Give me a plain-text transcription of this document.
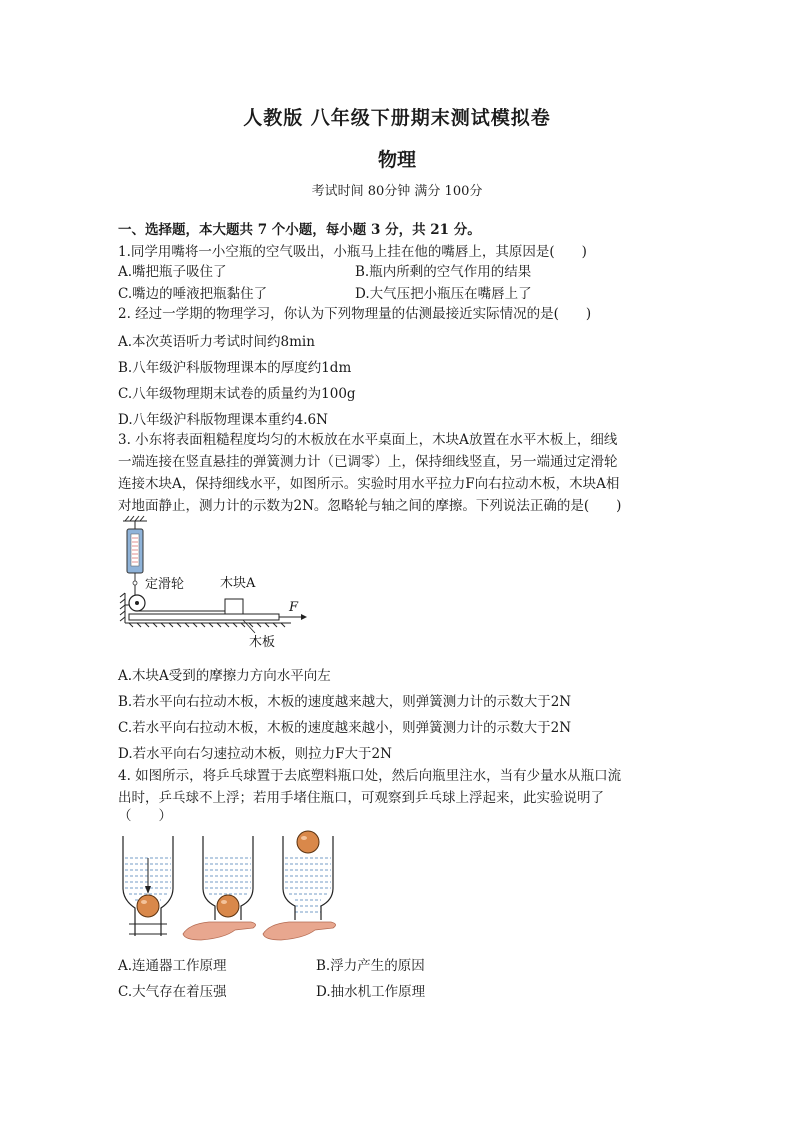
人教版 八年级下册期末测试模拟卷
物理
考试时间 80分钟 满分 100分
一、选择题，本大题共 7 个小题，每小题 3 分，共 21 分。
1.同学用嘴将一小空瓶的空气吸出，小瓶马上挂在他的嘴唇上，其原因是(　　)
A.嘴把瓶子吸住了	B.瓶内所剩的空气作用的结果
C.嘴边的唾液把瓶黏住了	D.大气压把小瓶压在嘴唇上了
2. 经过一学期的物理学习，你认为下列物理量的估测最接近实际情况的是(　　)
A.本次英语听力考试时间约8min
B.八年级沪科版物理课本的厚度约1dm
C.八年级物理期末试卷的质量约为100g
D.八年级沪科版物理课本重约4.6N
3. 小东将表面粗糙程度均匀的木板放在水平桌面上，木块A放置在水平木板上，细线
一端连接在竖直悬挂的弹簧测力计（已调零）上，保持细线竖直，另一端通过定滑轮
连接木块A，保持细线水平，如图所示。实验时用水平拉力F向右拉动木板，木块A相
对地面静止，测力计的示数为2N。忽略轮与轴之间的摩擦。下列说法正确的是(　　)
定滑轮	木块A
F
木板
A.木块A受到的摩擦力方向水平向左
B.若水平向右拉动木板，木板的速度越来越大，则弹簧测力计的示数大于2N
C.若水平向右拉动木板，木板的速度越来越小，则弹簧测力计的示数大于2N
D.若水平向右匀速拉动木板，则拉力F大于2N
4. 如图所示，将乒乓球置于去底塑料瓶口处，然后向瓶里注水，当有少量水从瓶口流
出时，乒乓球不上浮；若用手堵住瓶口，可观察到乒乓球上浮起来，此实验说明了
（　　）
A.连通器工作原理	B.浮力产生的原因
C.大气存在着压强	D.抽水机工作原理
